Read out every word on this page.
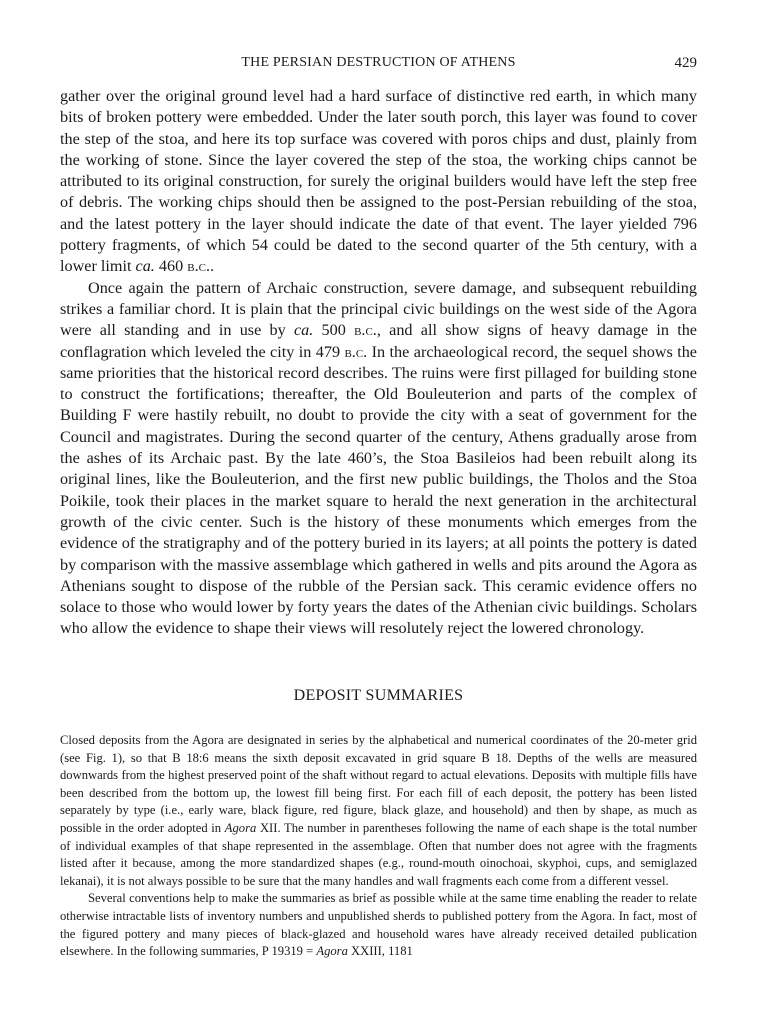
THE PERSIAN DESTRUCTION OF ATHENS	429

gather over the original ground level had a hard surface of distinctive red earth, in which many bits of broken pottery were embedded. Under the later south porch, this layer was found to cover the step of the stoa, and here its top surface was covered with poros chips and dust, plainly from the working of stone. Since the layer covered the step of the stoa, the working chips cannot be attributed to its original construction, for surely the original builders would have left the step free of debris. The working chips should then be assigned to the post-Persian rebuilding of the stoa, and the latest pottery in the layer should indicate the date of that event. The layer yielded 796 pottery fragments, of which 54 could be dated to the second quarter of the 5th century, with a lower limit ca. 460 b.c..

Once again the pattern of Archaic construction, severe damage, and subsequent rebuilding strikes a familiar chord. It is plain that the principal civic buildings on the west side of the Agora were all standing and in use by ca. 500 b.c., and all show signs of heavy damage in the conflagration which leveled the city in 479 b.c. In the archaeological record, the sequel shows the same priorities that the historical record describes. The ruins were first pillaged for building stone to construct the fortifications; thereafter, the Old Bouleuterion and parts of the complex of Building F were hastily rebuilt, no doubt to provide the city with a seat of government for the Council and magistrates. During the second quarter of the century, Athens gradually arose from the ashes of its Archaic past. By the late 460’s, the Stoa Basileios had been rebuilt along its original lines, like the Bouleuterion, and the first new public buildings, the Tholos and the Stoa Poikile, took their places in the market square to herald the next generation in the architectural growth of the civic center. Such is the history of these monuments which emerges from the evidence of the stratigraphy and of the pottery buried in its layers; at all points the pottery is dated by comparison with the massive assemblage which gathered in wells and pits around the Agora as Athenians sought to dispose of the rubble of the Persian sack. This ceramic evidence offers no solace to those who would lower by forty years the dates of the Athenian civic buildings. Scholars who allow the evidence to shape their views will resolutely reject the lowered chronology.

DEPOSIT SUMMARIES

Closed deposits from the Agora are designated in series by the alphabetical and numerical coordinates of the 20-meter grid (see Fig. 1), so that B 18:6 means the sixth deposit excavated in grid square B 18. Depths of the wells are measured downwards from the highest preserved point of the shaft without regard to actual elevations. Deposits with multiple fills have been described from the bottom up, the lowest fill being first. For each fill of each deposit, the pottery has been listed separately by type (i.e., early ware, black figure, red figure, black glaze, and household) and then by shape, as much as possible in the order adopted in Agora XII. The number in parentheses following the name of each shape is the total number of individual examples of that shape represented in the assemblage. Often that number does not agree with the fragments listed after it because, among the more standardized shapes (e.g., round-mouth oinochoai, skyphoi, cups, and semiglazed lekanai), it is not always possible to be sure that the many handles and wall fragments each come from a different vessel.

Several conventions help to make the summaries as brief as possible while at the same time enabling the reader to relate otherwise intractable lists of inventory numbers and unpublished sherds to published pottery from the Agora. In fact, most of the figured pottery and many pieces of black-glazed and household wares have already received detailed publication elsewhere. In the following summaries, P 19319 = Agora XXIII, 1181
